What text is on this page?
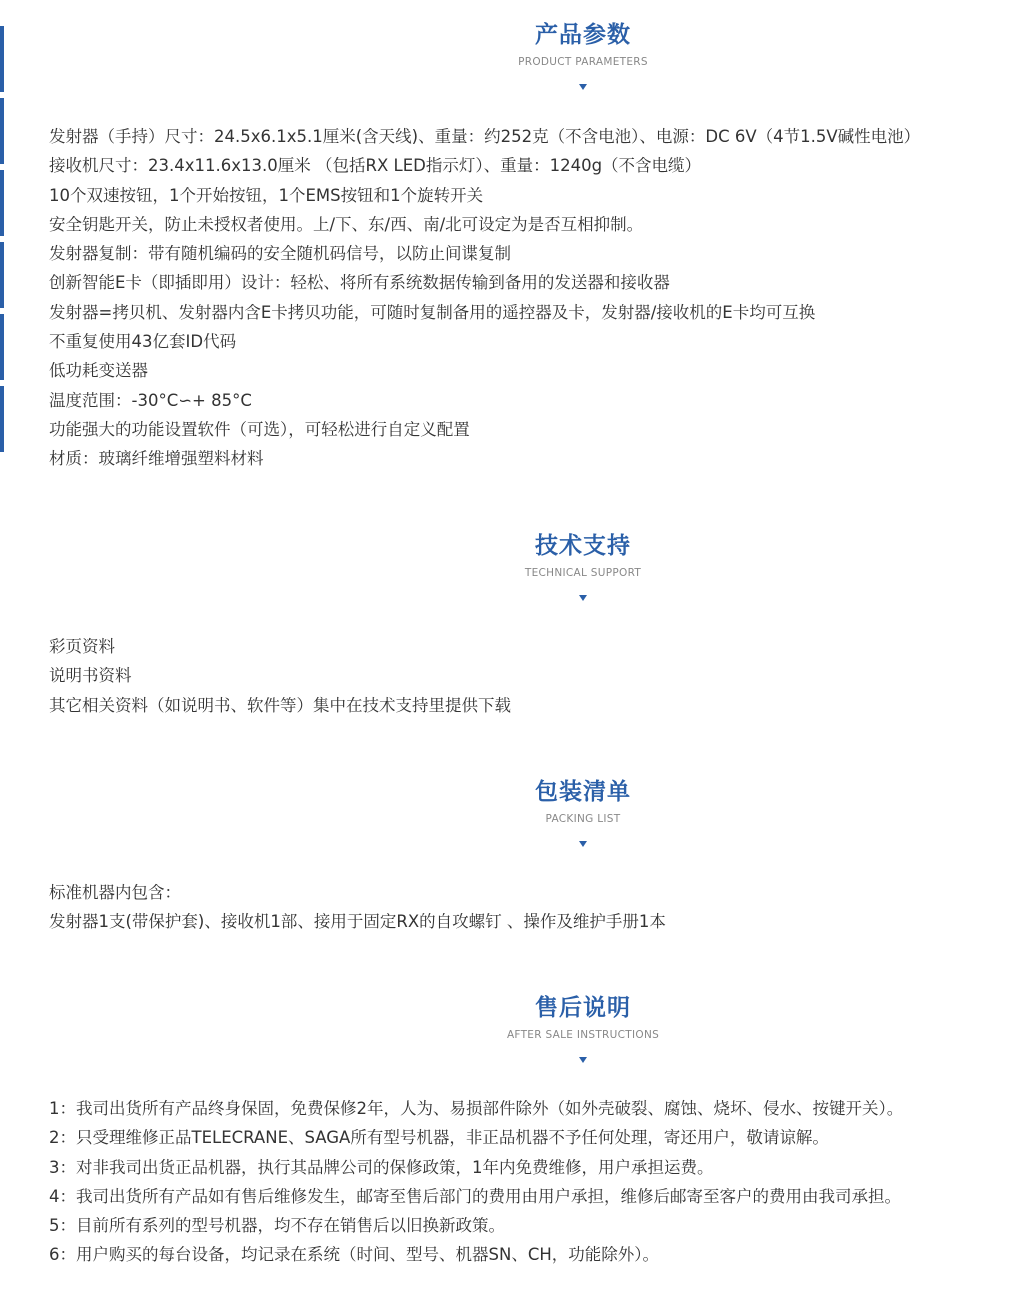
产品参数
PRODUCT PARAMETERS
发射器（手持）尺寸：24.5x6.1x5.1厘米(含天线)、重量：约252克（不含电池）、电源：DC 6V（4节1.5V碱性电池）
接收机尺寸：23.4x11.6x13.0厘米 （包括RX LED指示灯）、重量：1240g（不含电缆）
10个双速按钮，1个开始按钮，1个EMS按钮和1个旋转开关
安全钥匙开关，防止未授权者使用。上/下、东/西、南/北可设定为是否互相抑制。
发射器复制：带有随机编码的安全随机码信号，以防止间谍复制
创新智能E卡（即插即用）设计：轻松、将所有系统数据传输到备用的发送器和接收器
发射器=拷贝机、发射器内含E卡拷贝功能，可随时复制备用的遥控器及卡，发射器/接收机的E卡均可互换
不重复使用43亿套ID代码
低功耗变送器
温度范围：-30°C∽+ 85°C
功能强大的功能设置软件（可选），可轻松进行自定义配置
材质：玻璃纤维增强塑料材料
技术支持
TECHNICAL SUPPORT
彩页资料
说明书资料
其它相关资料（如说明书、软件等）集中在技术支持里提供下载
包装清单
PACKING LIST
标准机器内包含：
发射器1支(带保护套)、接收机1部、接用于固定RX的自攻螺钉 、操作及维护手册1本
售后说明
AFTER SALE INSTRUCTIONS
1：我司出货所有产品终身保固，免费保修2年，人为、易损部件除外（如外壳破裂、腐蚀、烧坏、侵水、按键开关）。
2：只受理维修正品TELECRANE、SAGA所有型号机器，非正品机器不予任何处理，寄还用户，敬请谅解。
3：对非我司出货正品机器，执行其品牌公司的保修政策，1年内免费维修，用户承担运费。
4：我司出货所有产品如有售后维修发生，邮寄至售后部门的费用由用户承担，维修后邮寄至客户的费用由我司承担。
5：目前所有系列的型号机器，均不存在销售后以旧换新政策。
6：用户购买的每台设备，均记录在系统（时间、型号、机器SN、CH，功能除外）。
